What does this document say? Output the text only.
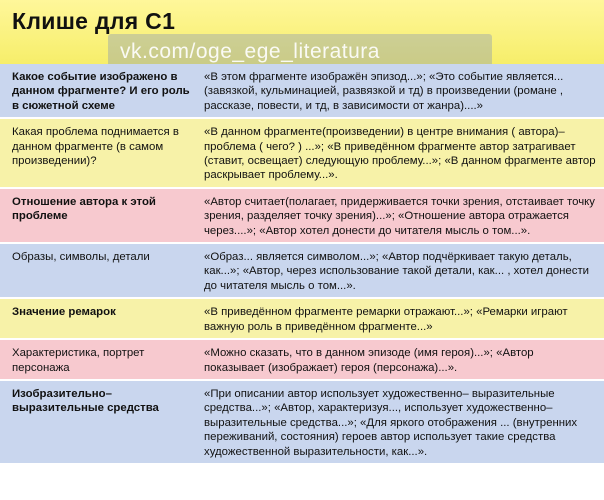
Клише для С1
vk.com/oge_ege_literatura
Какое событие изображено в данном фрагменте? И его роль в сюжетной схеме
«В этом фрагменте изображён эпизод...»; «Это событие является...(завязкой, кульминацией, развязкой и тд) в произведении (романе , рассказе, повести, и тд, в зависимости от жанра)....»
Какая проблема поднимается в данном фрагменте (в самом произведении)?
«В данном фрагменте(произведении) в центре внимания ( автора)– проблема ( чего? ) ...»; «В приведённом фрагменте автор затрагивает (ставит, освещает) следующую проблему...»; «В данном фрагменте автор раскрывает проблему...».
Отношение автора к этой проблеме
«Автор считает(полагает, придерживается точки зрения, отстаивает точку зрения, разделяет точку зрения)...»; «Отношение автора отражается через....»; «Автор хотел донести до читателя мысль о том...».
Образы, символы, детали	«Образ... является символом...»; «Автор подчёркивает такую деталь, как...»; «Автор, через использование такой детали, как... , хотел донести до читателя мысль о том...».
Значение ремарок	«В приведённом фрагменте ремарки отражают...»; «Ремарки играют важную роль в приведённом фрагменте...»
Характеристика, портрет персонажа
«Можно сказать, что в данном эпизоде (имя героя)...»; «Автор показывает (изображает) героя (персонажа)...».
Изобразительно– выразительные средства
«При описании автор использует художественно– выразительные средства...»; «Автор, характеризуя..., использует художественно– выразительные средства...»; «Для яркого отображения ... (внутренних переживаний, состояния) героев автор использует такие средства художественной выразительности, как...».
